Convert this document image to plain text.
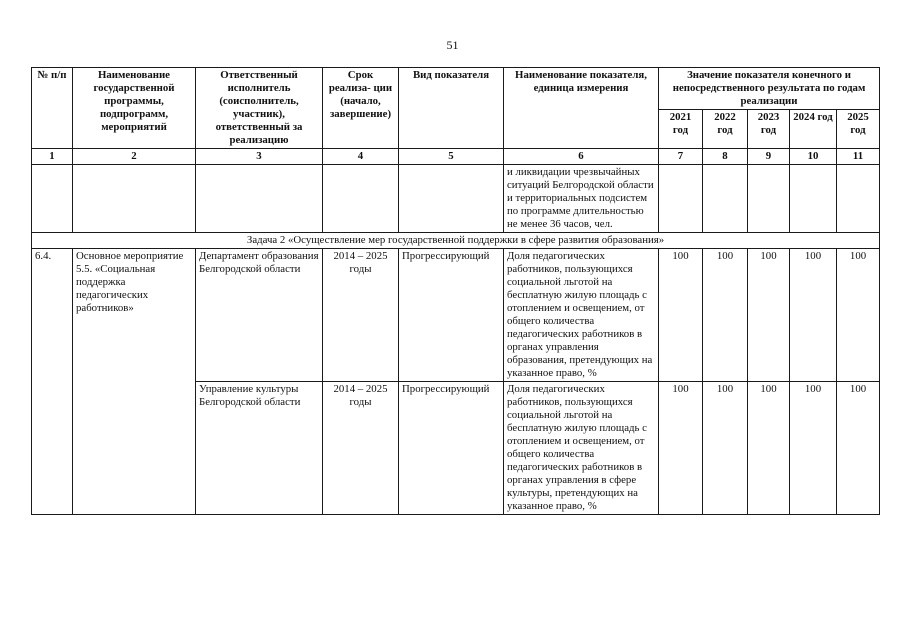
51
№ п/п	Наименование государственной программы, подпрограмм, мероприятий	Ответственный исполнитель (соисполнитель, участник), ответственный за реализацию	Срок реализа- ции (начало, завершение)	Вид показателя	Наименование показателя, единица измерения	Значение показателя конечного и непосредственного результата по годам реализации				
						2021 год	2022 год	2023 год	2024 год	2025 год
1	2	3	4	5	6	7	8	9	10	11
					и ликвидации чрезвычайных ситуаций Белгородской области и территориальных подсистем по программе длительностью не менее 36 часов, чел.					
Задача 2 «Осуществление мер государственной поддержки в сфере развития образования»										
6.4.	Основное мероприятие 5.5. «Социальная поддержка педагогических работников»	Департамент образования Белгородской области	2014 – 2025 годы	Прогрессирующий	Доля педагогических работников, пользующихся социальной льготой на бесплатную жилую площадь с отоплением и освещением, от общего количества педагогических работников в органах управления образования, претендующих на указанное право, %	100	100	100	100	100
		Управление культуры Белгородской области	2014 – 2025 годы	Прогрессирующий	Доля педагогических работников, пользующихся социальной льготой на бесплатную жилую площадь с отоплением и освещением, от общего количества педагогических работников в органах управления в сфере культуры, претендующих на указанное право, %	100	100	100	100	100
